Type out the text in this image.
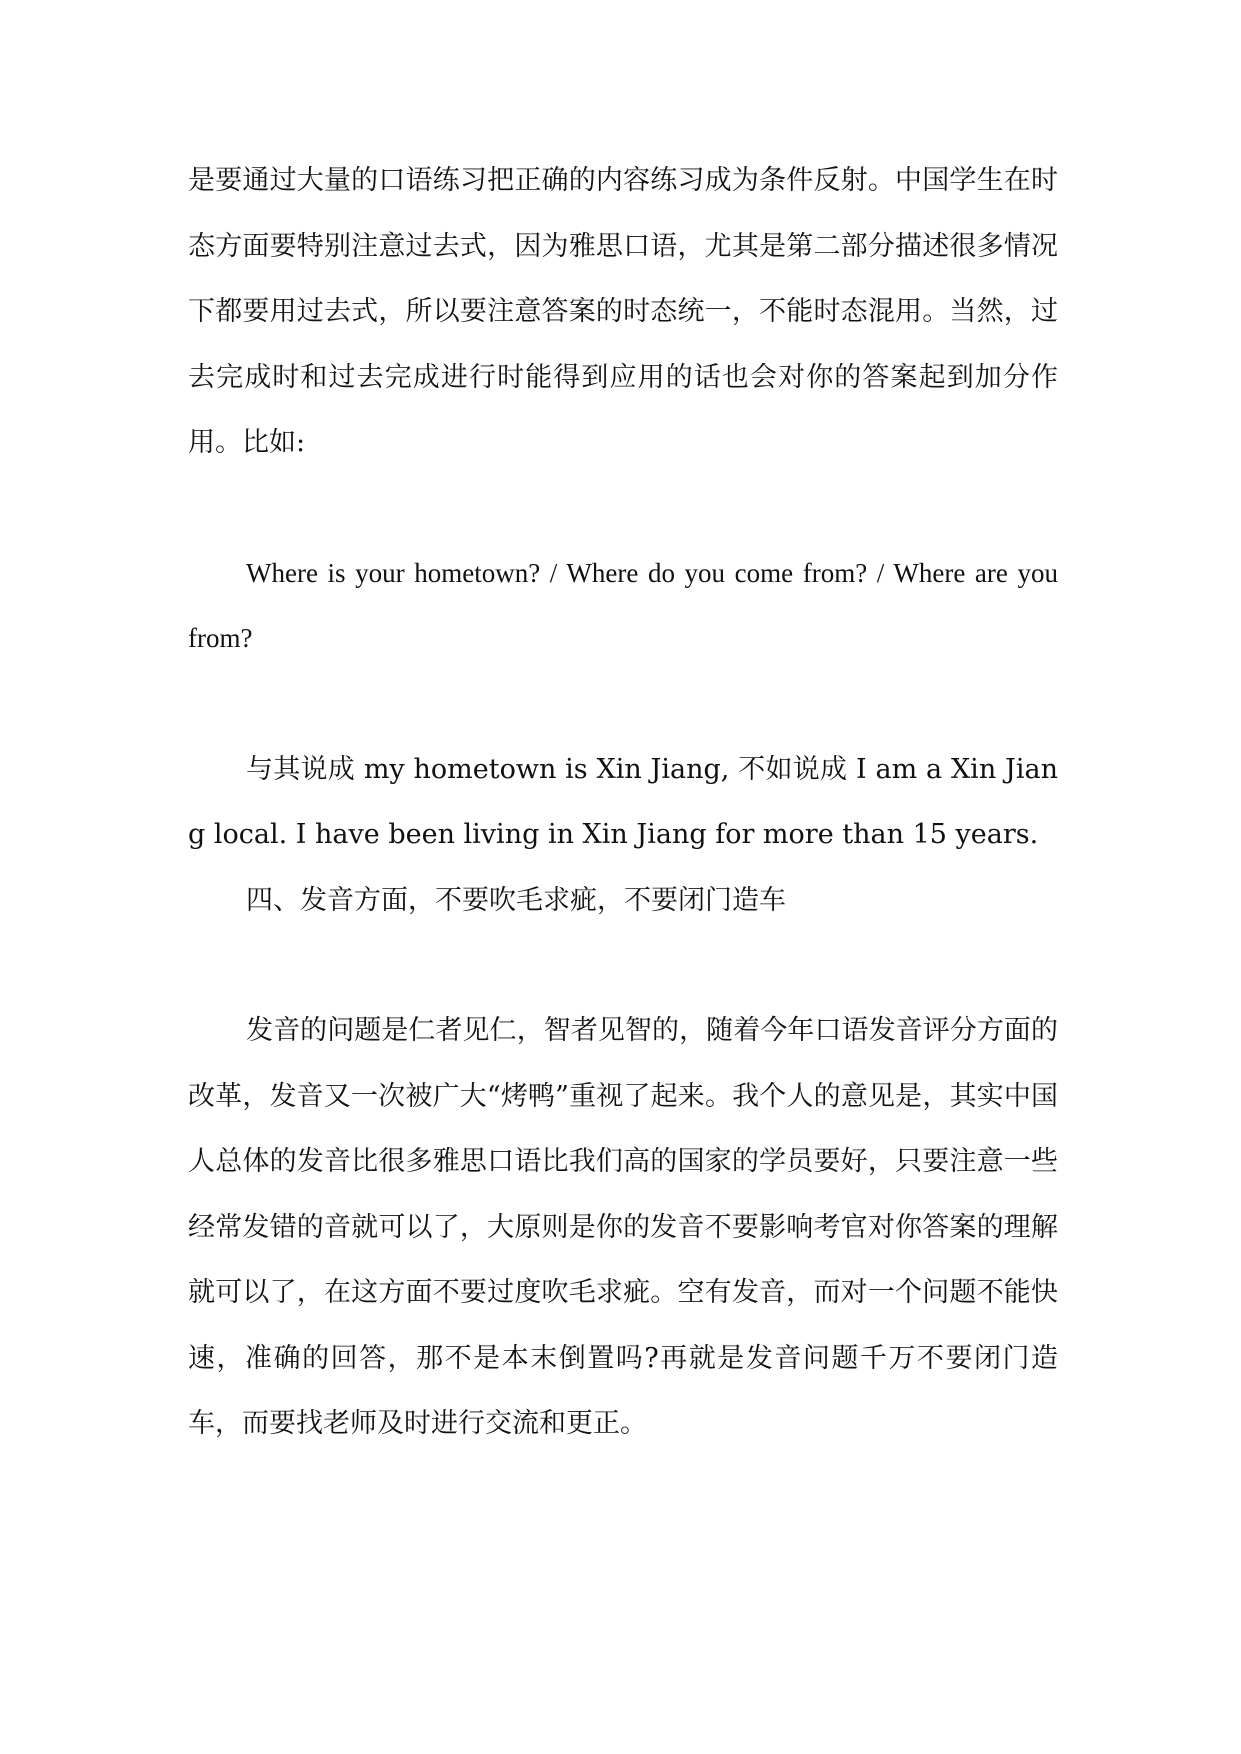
是要通过大量的口语练习把正确的内容练习成为条件反射。中国学生在时态方面要特别注意过去式，因为雅思口语，尤其是第二部分描述很多情况下都要用过去式，所以要注意答案的时态统一，不能时态混用。当然，过去完成时和过去完成进行时能得到应用的话也会对你的答案起到加分作用。比如:

Where is your hometown? / Where do you come from? / Where are you from?

与其说成 my hometown is Xin Jiang, 不如说成 I am a Xin Jiang local. I have been living in Xin Jiang for more than 15 years.

四、发音方面，不要吹毛求疵，不要闭门造车

发音的问题是仁者见仁，智者见智的，随着今年口语发音评分方面的改革，发音又一次被广大“烤鸭”重视了起来。我个人的意见是，其实中国人总体的发音比很多雅思口语比我们高的国家的学员要好，只要注意一些经常发错的音就可以了，大原则是你的发音不要影响考官对你答案的理解就可以了，在这方面不要过度吹毛求疵。空有发音，而对一个问题不能快速，准确的回答，那不是本末倒置吗?再就是发音问题千万不要闭门造车，而要找老师及时进行交流和更正。
